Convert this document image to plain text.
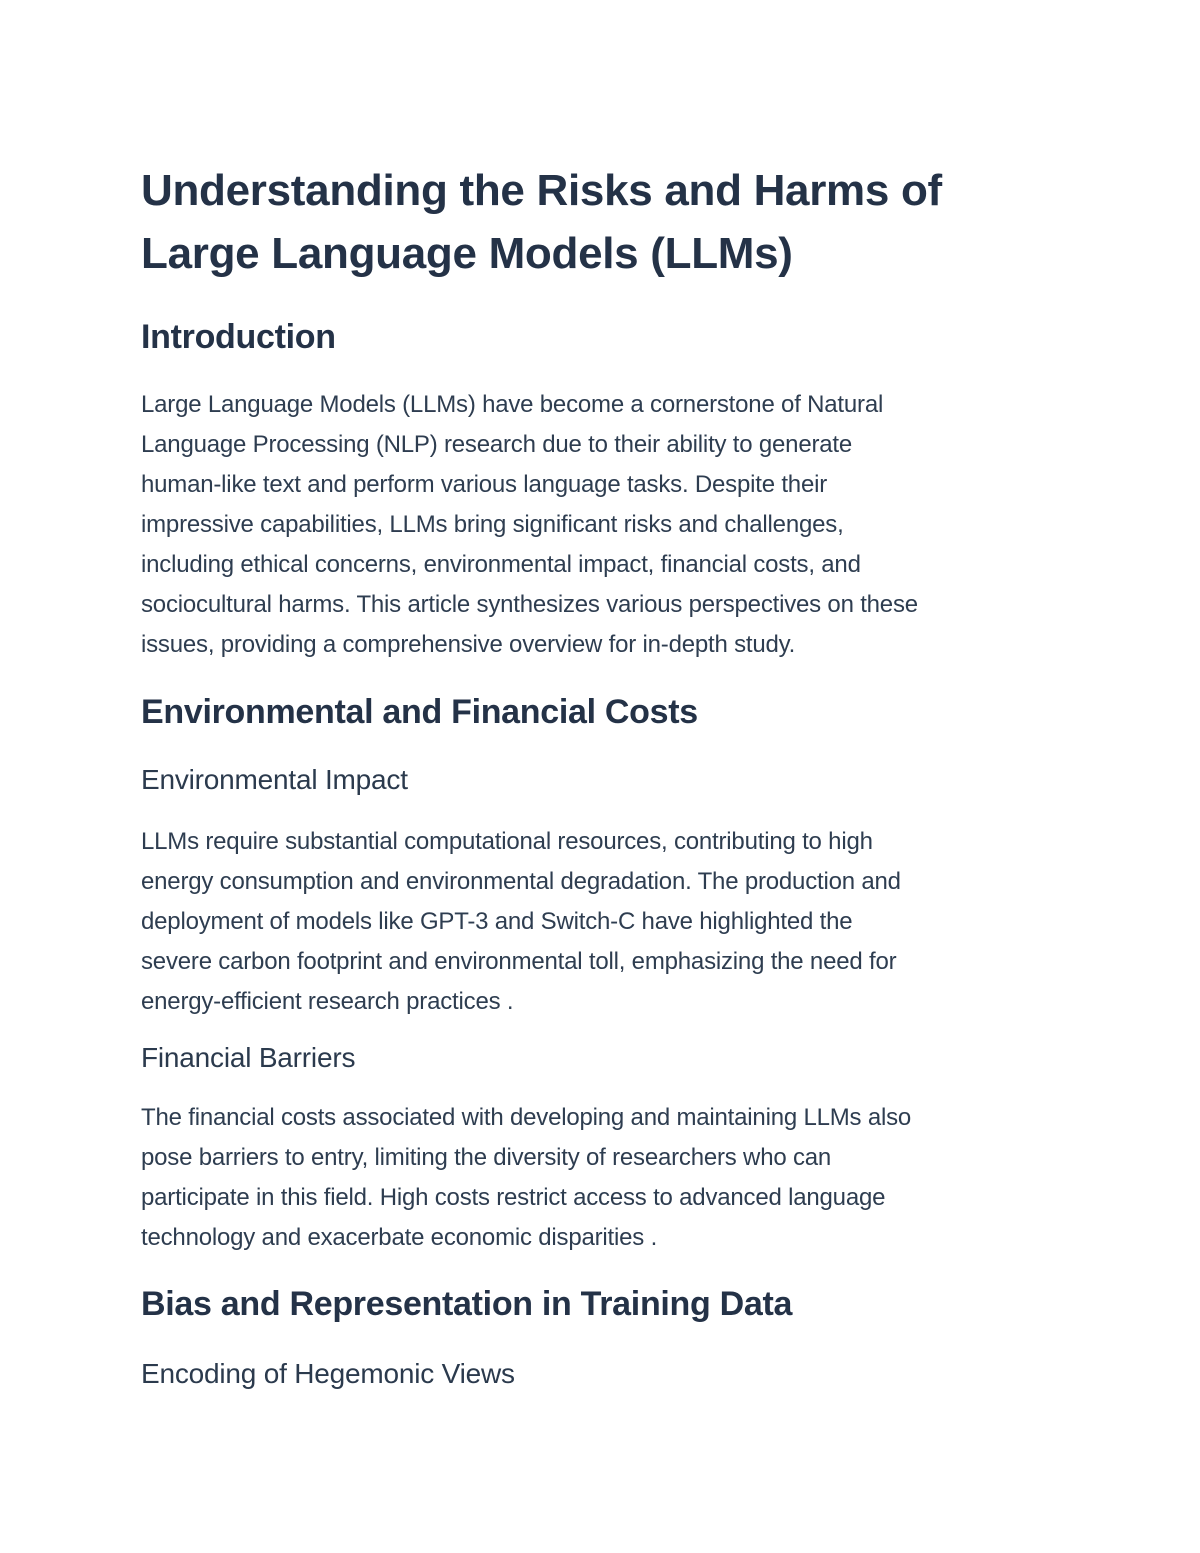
Understanding the Risks and Harms of
Large Language Models (LLMs)
Introduction

Large Language Models (LLMs) have become a cornerstone of Natural

Language Processing (NLP) research due to their ability to generate

human-like text and perform various language tasks. Despite their

impressive capabilities, LLMs bring significant risks and challenges,

including ethical concerns, environmental impact, financial costs, and

sociocultural harms. This article synthesizes various perspectives on these

issues, providing a comprehensive overview for in-depth study.

Environmental and Financial Costs
Environmental Impact

LLMs require substantial computational resources, contributing to high

energy consumption and environmental degradation. The production and

deployment of models like GPT-3 and Switch-C have highlighted the

severe carbon footprint and environmental toll, emphasizing the need for

energy-efficient research practices .

Financial Barriers

The financial costs associated with developing and maintaining LLMs also

pose barriers to entry, limiting the diversity of researchers who can

participate in this field. High costs restrict access to advanced language

technology and exacerbate economic disparities .

Bias and Representation in Training Data
Encoding of Hegemonic Views
